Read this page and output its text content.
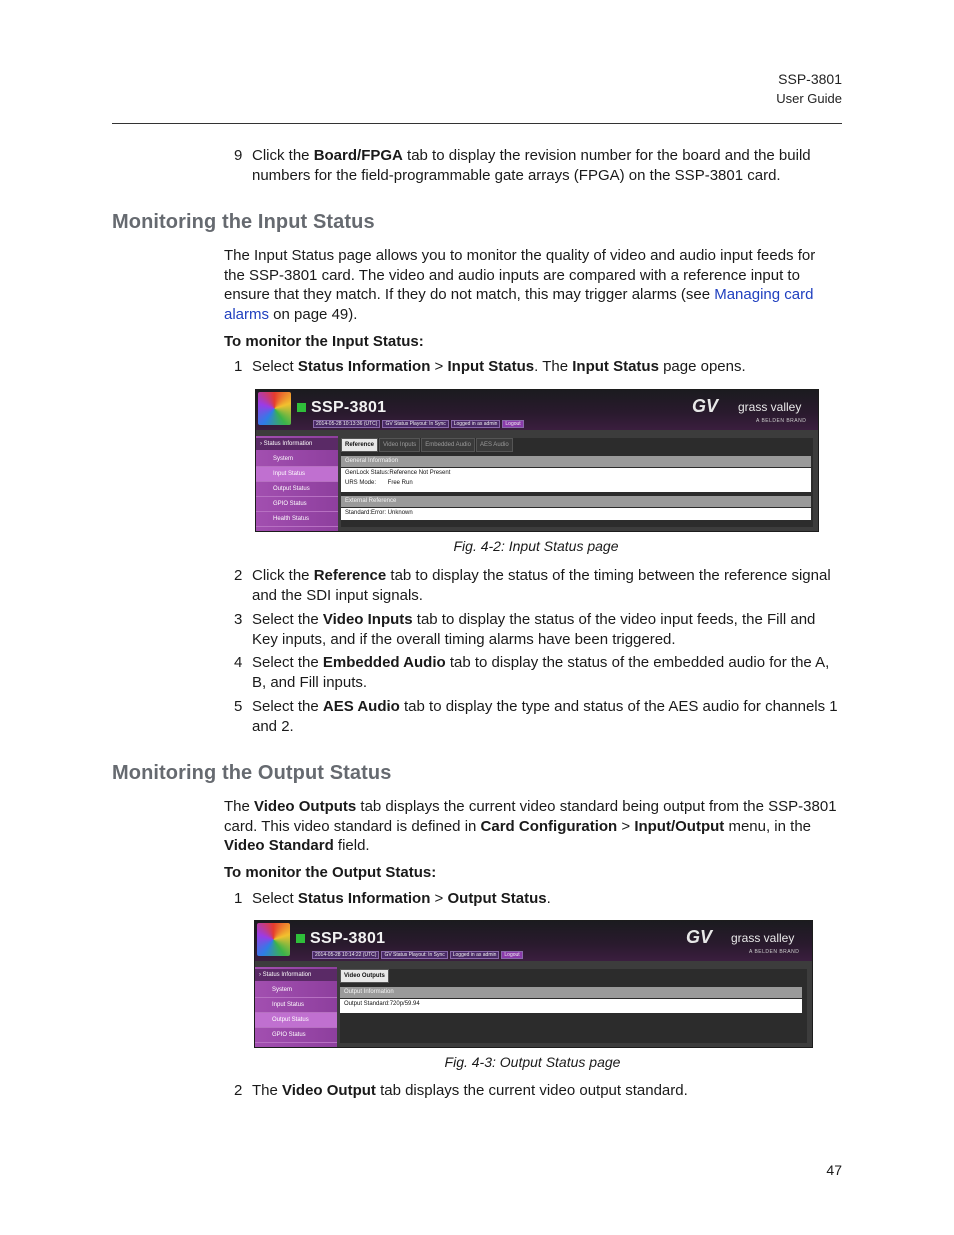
SSP-3801
User Guide
9 Click the Board/FPGA tab to display the revision number for the board and the build numbers for the field-programmable gate arrays (FPGA) on the SSP-3801 card.
Monitoring the Input Status
The Input Status page allows you to monitor the quality of video and audio input feeds for the SSP-3801 card. The video and audio inputs are compared with a reference input to ensure that they match. If they do not match, this may trigger alarms (see Managing card alarms on page 49).
To monitor the Input Status:
1 Select Status Information > Input Status. The Input Status page opens.
SSP-3801
2014-05-28 10:13:36 (UTC)	GV Status Playout: In Sync	Logged in as admin	Logout
GV grass valley
A BELDEN BRAND
› Status Information
System
Input Status
Output Status
GPIO Status
Health Status
Reference	Video Inputs	Embedded Audio	AES Audio
General Information
GenLock Status:Reference Not Present
URS Mode:       Free Run
External Reference
Standard:Error: Unknown
Fig. 4-2: Input Status page
2 Click the Reference tab to display the status of the timing between the reference signal and the SDI input signals.
3 Select the Video Inputs tab to display the status of the video input feeds, the Fill and Key inputs, and if the overall timing alarms have been triggered.
4 Select the Embedded Audio tab to display the status of the embedded audio for the A, B, and Fill inputs.
5 Select the AES Audio tab to display the type and status of the AES audio for channels 1 and 2.
Monitoring the Output Status
The Video Outputs tab displays the current video standard being output from the SSP-3801 card. This video standard is defined in Card Configuration > Input/Output menu, in the Video Standard field.
To monitor the Output Status:
1 Select Status Information > Output Status.
SSP-3801
2014-05-28 10:14:22 (UTC)	GV Status Playout: In Sync	Logged in as admin	Logout
GV grass valley
A BELDEN BRAND
› Status Information
System
Input Status
Output Status
GPIO Status
Video Outputs
Output Information
Output Standard:720p/59.94
Fig. 4-3: Output Status page
2 The Video Output tab displays the current video output standard.
47
